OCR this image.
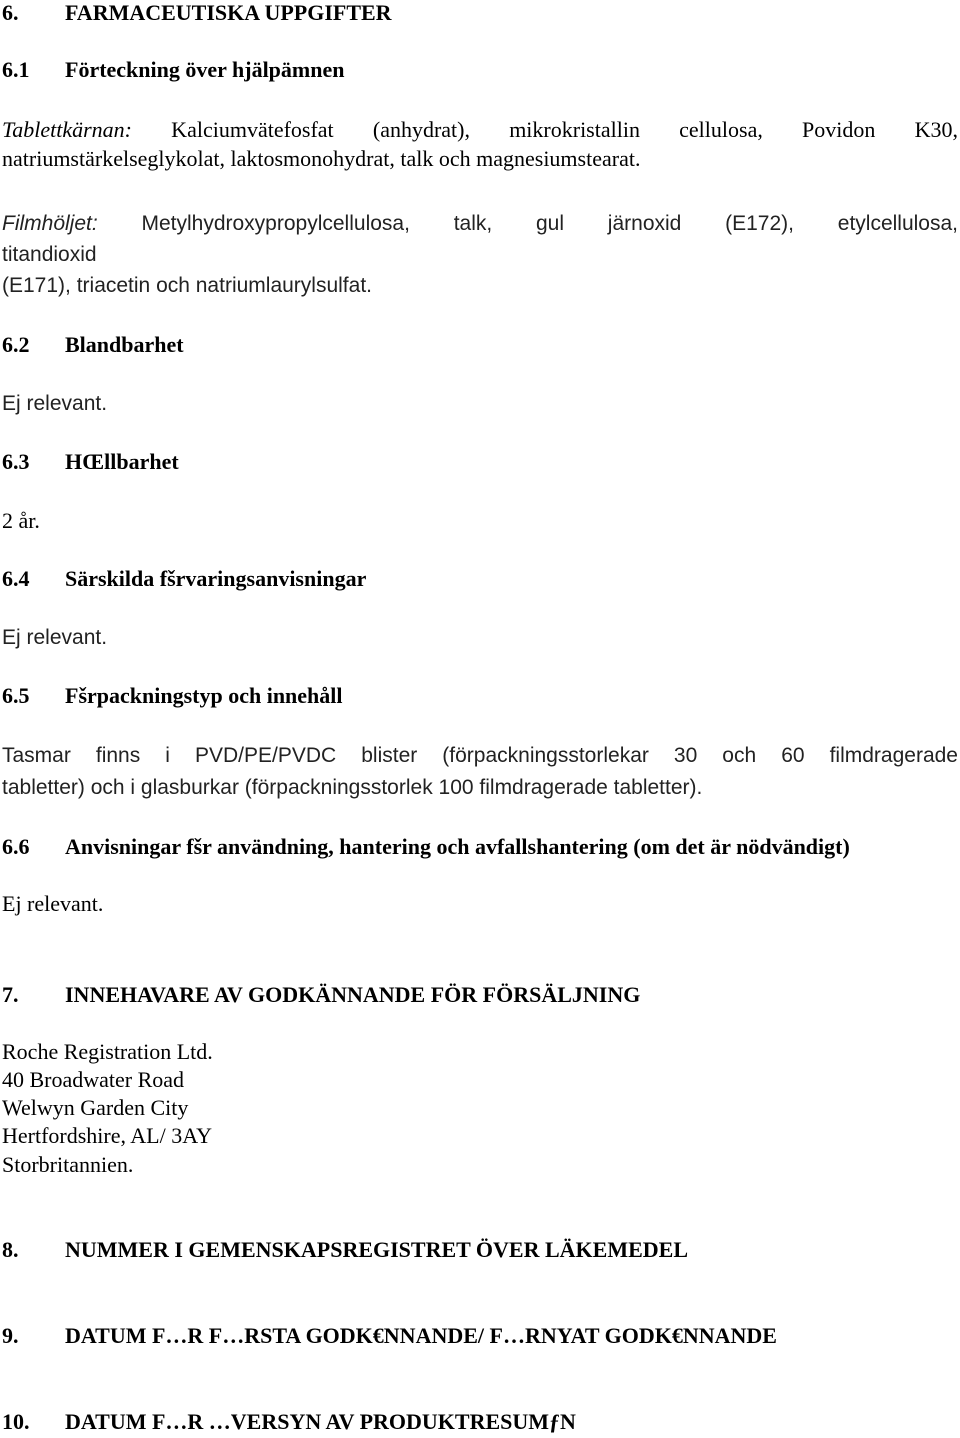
6. FARMACEUTISKA UPPGIFTER
6.1 Förteckning över hjälpämnen
Tablettkärnan: Kalciumvätefosfat (anhydrat), mikrokristallin cellulosa, Povidon K30,
natriumstärkelseglykolat, laktosmonohydrat, talk och magnesiumstearat.
Filmhöljet: Metylhydroxypropylcellulosa, talk, gul järnoxid (E172), etylcellulosa,
titandioxid
(E171), triacetin och natriumlaurylsulfat.
6.2 Blandbarhet
Ej relevant.
6.3 HŒllbarhet
2 år.
6.4 Särskilda fšrvaringsanvisningar
Ej relevant.
6.5 Fšrpackningstyp och innehåll
Tasmar finns i PVD/PE/PVDC blister (förpackningsstorlekar 30 och 60 filmdragerade
tabletter) och i glasburkar (förpackningsstorlek 100 filmdragerade tabletter).
6.6 Anvisningar fšr användning, hantering och avfallshantering (om det är nödvändigt)
Ej relevant.
7. INNEHAVARE AV GODKÄNNANDE FÖR FÖRSÄLJNING
Roche Registration Ltd.
40 Broadwater Road
Welwyn Garden City
Hertfordshire, AL/ 3AY
Storbritannien.
8. NUMMER I GEMENSKAPSREGISTRET ÖVER LÄKEMEDEL
9. DATUM F…R F…RSTA GODK€NNANDE/ F…RNYAT GODK€NNANDE
10. DATUM F…R …VERSYN AV PRODUKTRESUMƒN
